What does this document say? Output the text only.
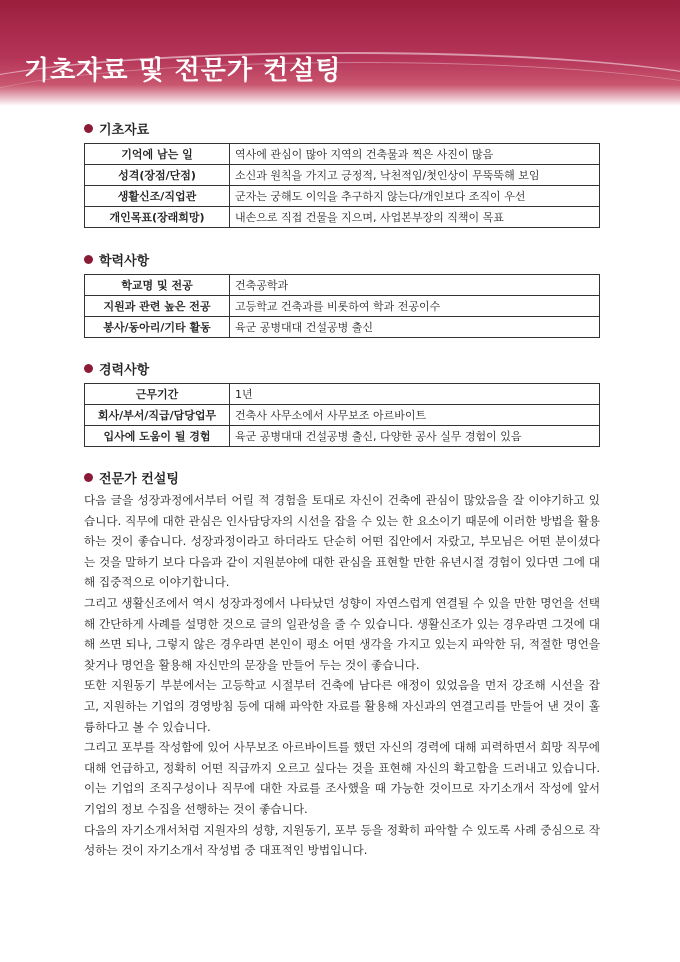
기초자료 및 전문가 컨설팅
기초자료
기억에 남는 일	역사에 관심이 많아 지역의 건축물과 찍은 사진이 많음
성격(장점/단점)	소신과 원칙을 가지고 긍정적, 낙천적임/첫인상이 무뚝뚝해 보임
생활신조/직업관	군자는 궁해도 이익을 추구하지 않는다/개인보다 조직이 우선
개인목표(장래희망)	내손으로 직접 건물을 지으며, 사업본부장의 직책이 목표
학력사항
학교명 및 전공	건축공학과
지원과 관련 높은 전공	고등학교 건축과를 비롯하여 학과 전공이수
봉사/동아리/기타 활동	육군 공병대대 건설공병 출신
경력사항
근무기간	1년
회사/부서/직급/담당업무	건축사 사무소에서 사무보조 아르바이트
입사에 도움이 될 경험	육군 공병대대 건설공병 출신, 다양한 공사 실무 경험이 있음
전문가 컨설팅

다음 글을 성장과정에서부터 어릴 적 경험을 토대로 자신이 건축에 관심이 많았음을 잘 이야기하고 있습니다. 직무에 대한 관심은 인사담당자의 시선을 잡을 수 있는 한 요소이기 때문에 이러한 방법을 활용하는 것이 좋습니다. 성장과정이라고 하더라도 단순히 어떤 집안에서 자랐고, 부모님은 어떤 분이셨다는 것을 말하기 보다 다음과 같이 지원분야에 대한 관심을 표현할 만한 유년시절 경험이 있다면 그에 대해 집중적으로 이야기합니다.

그리고 생활신조에서 역시 성장과정에서 나타났던 성향이 자연스럽게 연결될 수 있을 만한 명언을 선택해 간단하게 사례를 설명한 것으로 글의 일관성을 줄 수 있습니다. 생활신조가 있는 경우라면 그것에 대해 쓰면 되나, 그렇지 않은 경우라면 본인이 평소 어떤 생각을 가지고 있는지 파악한 뒤, 적절한 명언을 찾거나 명언을 활용해 자신만의 문장을 만들어 두는 것이 좋습니다.

또한 지원동기 부분에서는 고등학교 시절부터 건축에 남다른 애정이 있었음을 먼저 강조해 시선을 잡고, 지원하는 기업의 경영방침 등에 대해 파악한 자료를 활용해 자신과의 연결고리를 만들어 낸 것이 훌륭하다고 볼 수 있습니다.

그리고 포부를 작성함에 있어 사무보조 아르바이트를 했던 자신의 경력에 대해 피력하면서 희망 직무에 대해 언급하고, 정확히 어떤 직급까지 오르고 싶다는 것을 표현해 자신의 확고함을 드러내고 있습니다. 이는 기업의 조직구성이나 직무에 대한 자료를 조사했을 때 가능한 것이므로 자기소개서 작성에 앞서 기업의 정보 수집을 선행하는 것이 좋습니다.

다음의 자기소개서처럼 지원자의 성향, 지원동기, 포부 등을 정확히 파악할 수 있도록 사례 중심으로 작성하는 것이 자기소개서 작성법 중 대표적인 방법입니다.
